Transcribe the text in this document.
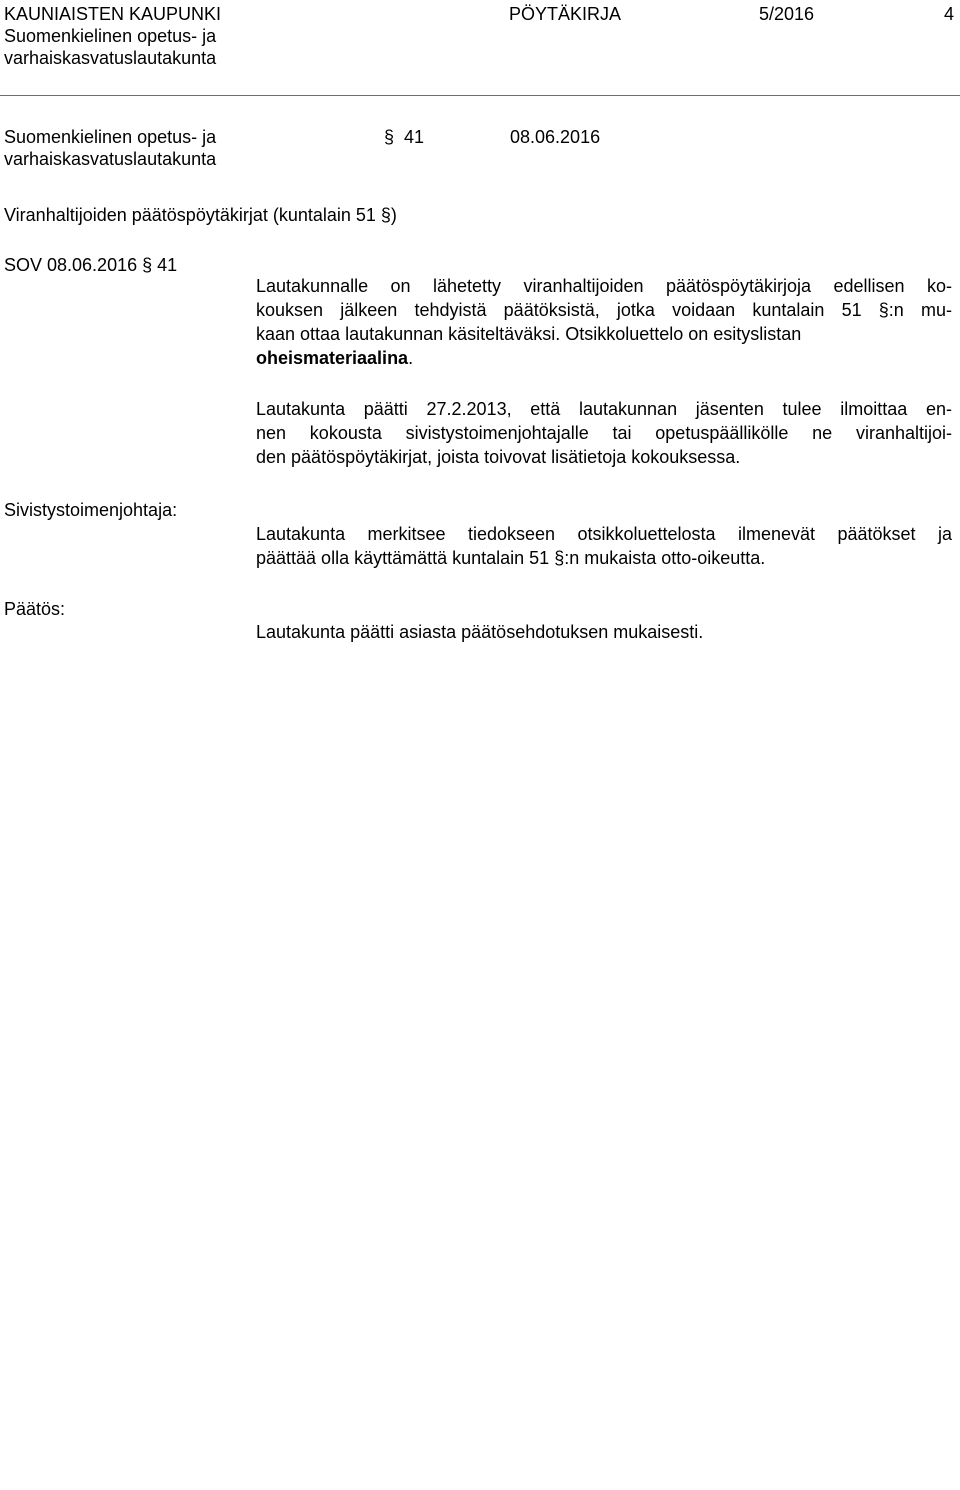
KAUNIAISTEN KAUPUNKI
Suomenkielinen opetus- ja
varhaiskasvatuslautakunta
PÖYTÄKIRJA	5/2016	4
Suomenkielinen opetus- ja
varhaiskasvatuslautakunta
§ 41	08.06.2016
Viranhaltijoiden päätöspöytäkirjat (kuntalain 51 §)
SOV 08.06.2016 § 41
Lautakunnalle on lähetetty viranhaltijoiden päätöspöytäkirjoja edellisen ko-
kouksen jälkeen tehdyistä päätöksistä, jotka voidaan kuntalain 51 §:n mu-
kaan ottaa lautakunnan käsiteltäväksi. Otsikkoluettelo on esityslistan
oheismateriaalina.
Lautakunta päätti 27.2.2013, että lautakunnan jäsenten tulee ilmoittaa en-
nen kokousta sivistystoimenjohtajalle tai opetuspäällikölle ne viranhaltijoi-
den päätöspöytäkirjat, joista toivovat lisätietoja kokouksessa.
Sivistystoimenjohtaja:
Lautakunta merkitsee tiedokseen otsikkoluettelosta ilmenevät päätökset ja
päättää olla käyttämättä kuntalain 51 §:n mukaista otto-oikeutta.
Päätös:
Lautakunta päätti asiasta päätösehdotuksen mukaisesti.
